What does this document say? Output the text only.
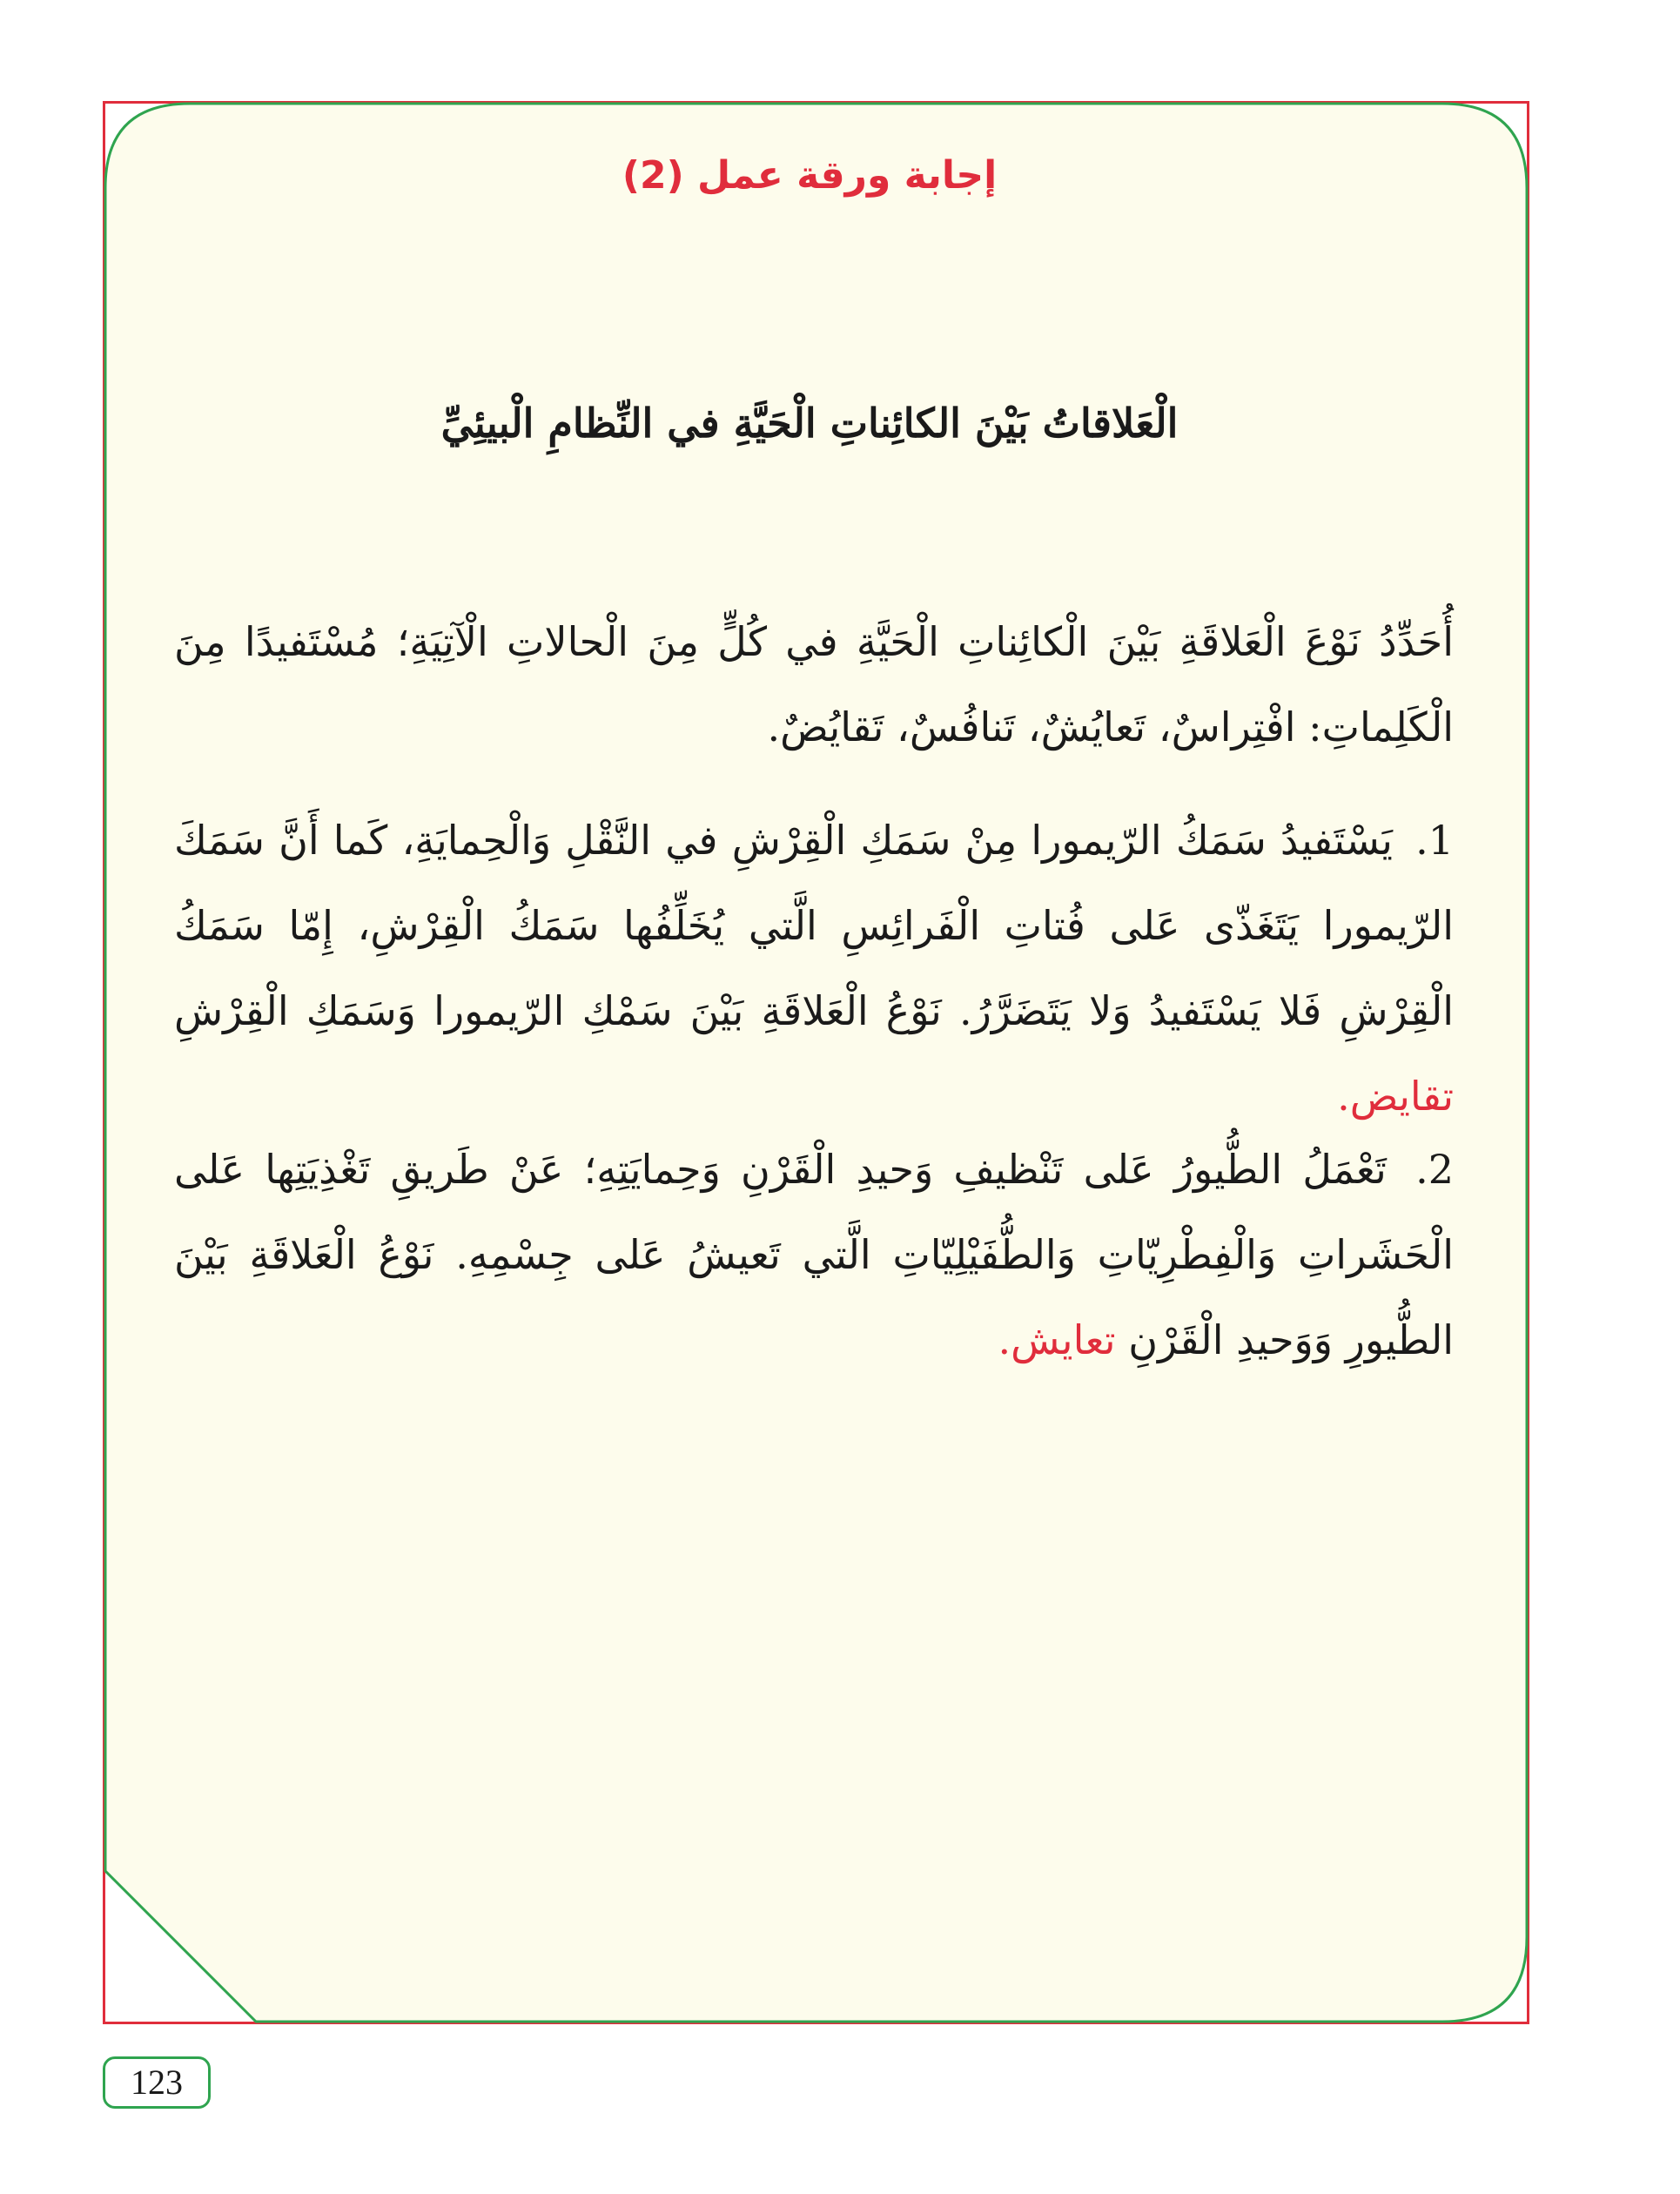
إجابة ورقة عمل (2)
الْعَلاقاتُ بَيْنَ الكائِناتِ الْحَيَّةِ في النِّظامِ الْبيئِيِّ
أُحَدِّدُ نَوْعَ الْعَلاقَةِ بَيْنَ الْكائِناتِ الْحَيَّةِ في كُلٍّ مِنَ الْحالاتِ الْآتِيَةِ؛ مُسْتَفيدًا مِنَ الْكَلِماتِ: افْتِراسٌ، تَعايُشٌ، تَنافُسٌ، تَقايُضٌ.
1. يَسْتَفيدُ سَمَكُ الرّيمورا مِنْ سَمَكِ الْقِرْشِ في النَّقْلِ وَالْحِمايَةِ، كَما أَنَّ سَمَكَ الرّيمورا يَتَغَذّى عَلى فُتاتِ الْفَرائِسِ الَّتي يُخَلِّفُها سَمَكُ الْقِرْشِ، إِمّا سَمَكُ الْقِرْشِ فَلا يَسْتَفيدُ وَلا يَتَضَرَّرُ. نَوْعُ الْعَلاقَةِ بَيْنَ سَمْكِ الرّيمورا وَسَمَكِ الْقِرْشِ تقايض.
2. تَعْمَلُ الطُّيورُ عَلى تَنْظيفِ وَحيدِ الْقَرْنِ وَحِمايَتِهِ؛ عَنْ طَريقِ تَغْذِيَتِها عَلى الْحَشَراتِ وَالْفِطْرِيّاتِ وَالطُّفَيْلِيّاتِ الَّتي تَعيشُ عَلى جِسْمِهِ. نَوْعُ الْعَلاقَةِ بَيْنَ الطُّيورِ وَوَحيدِ الْقَرْنِ تعايش.
123
